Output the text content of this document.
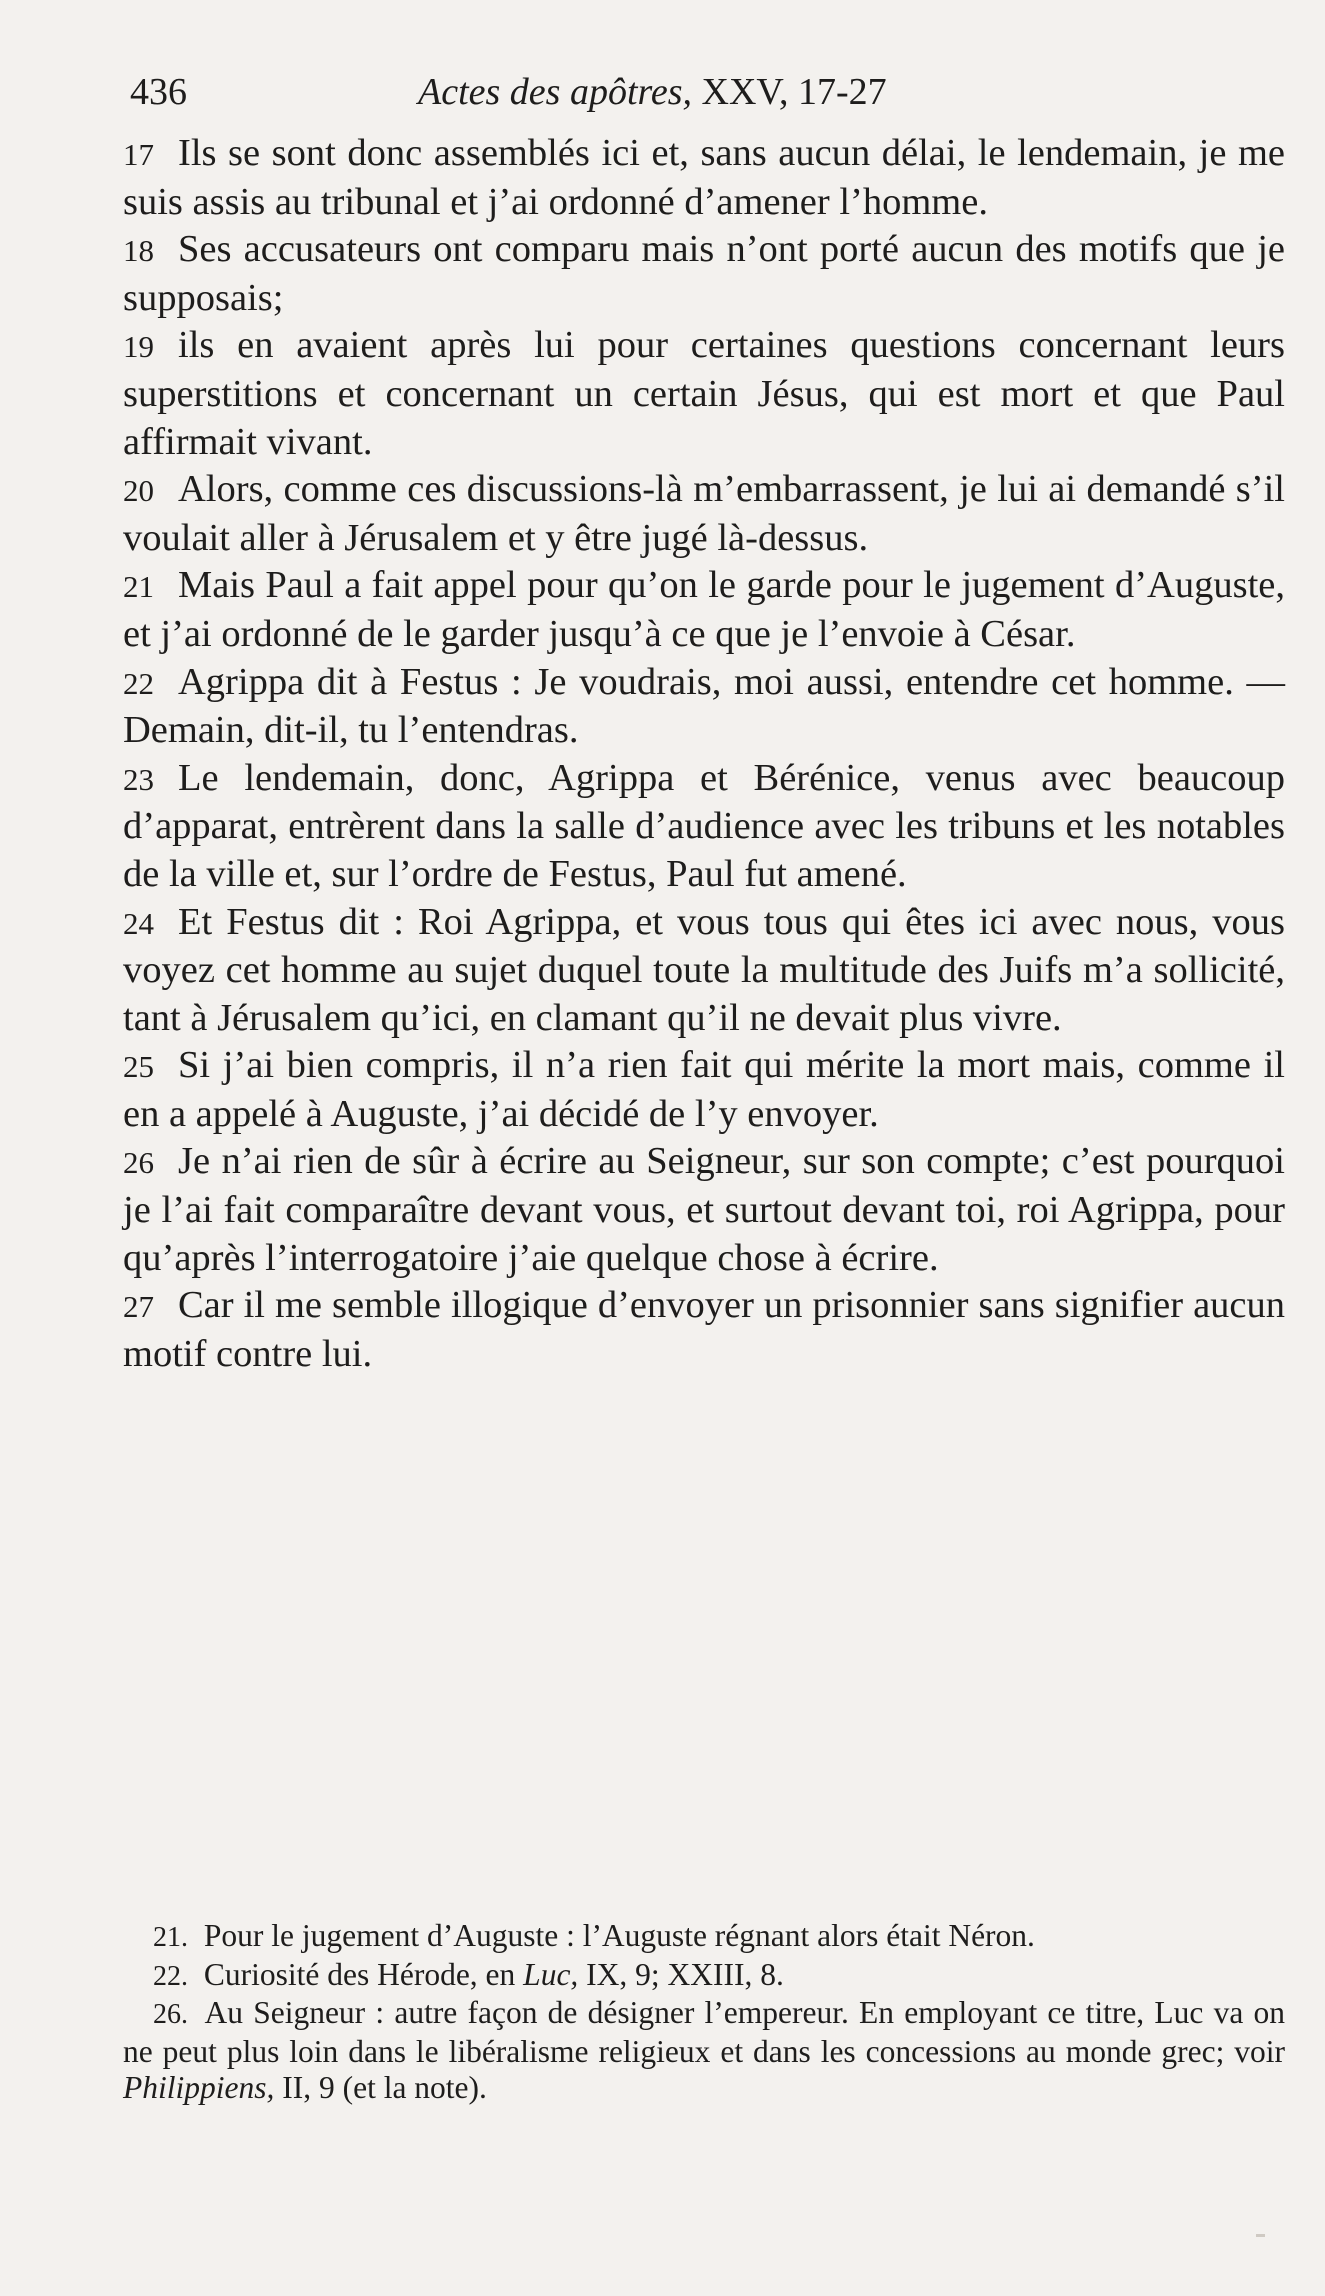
436	Actes des apôtres, XXV, 17-27

17 Ils se sont donc assemblés ici et, sans aucun délai, le lendemain, je me suis assis au tribunal et j’ai ordonné d’amener l’homme.

18 Ses accusateurs ont comparu mais n’ont porté aucun des motifs que je supposais;

19 ils en avaient après lui pour certaines questions concernant leurs superstitions et concernant un certain Jésus, qui est mort et que Paul affirmait vivant.

20 Alors, comme ces discussions-là m’embarrassent, je lui ai demandé s’il voulait aller à Jérusalem et y être jugé là-dessus.

21 Mais Paul a fait appel pour qu’on le garde pour le jugement d’Auguste, et j’ai ordonné de le garder jusqu’à ce que je l’envoie à César.

22 Agrippa dit à Festus : Je voudrais, moi aussi, entendre cet homme. — Demain, dit-il, tu l’entendras.

23 Le lendemain, donc, Agrippa et Bérénice, venus avec beaucoup d’apparat, entrèrent dans la salle d’audience avec les tribuns et les notables de la ville et, sur l’ordre de Festus, Paul fut amené.

24 Et Festus dit : Roi Agrippa, et vous tous qui êtes ici avec nous, vous voyez cet homme au sujet duquel toute la multitude des Juifs m’a sollicité, tant à Jérusalem qu’ici, en clamant qu’il ne devait plus vivre.

25 Si j’ai bien compris, il n’a rien fait qui mérite la mort mais, comme il en a appelé à Auguste, j’ai décidé de l’y envoyer.

26 Je n’ai rien de sûr à écrire au Seigneur, sur son compte; c’est pourquoi je l’ai fait comparaître devant vous, et surtout devant toi, roi Agrippa, pour qu’après l’interrogatoire j’aie quelque chose à écrire.

27 Car il me semble illogique d’envoyer un prisonnier sans signifier aucun motif contre lui.

21. Pour le jugement d’Auguste : l’Auguste régnant alors était Néron.

22. Curiosité des Hérode, en Luc, IX, 9; XXIII, 8.

26. Au Seigneur : autre façon de désigner l’empereur. En employant ce titre, Luc va on ne peut plus loin dans le libéralisme religieux et dans les concessions au monde grec; voir Philippiens, II, 9 (et la note).
